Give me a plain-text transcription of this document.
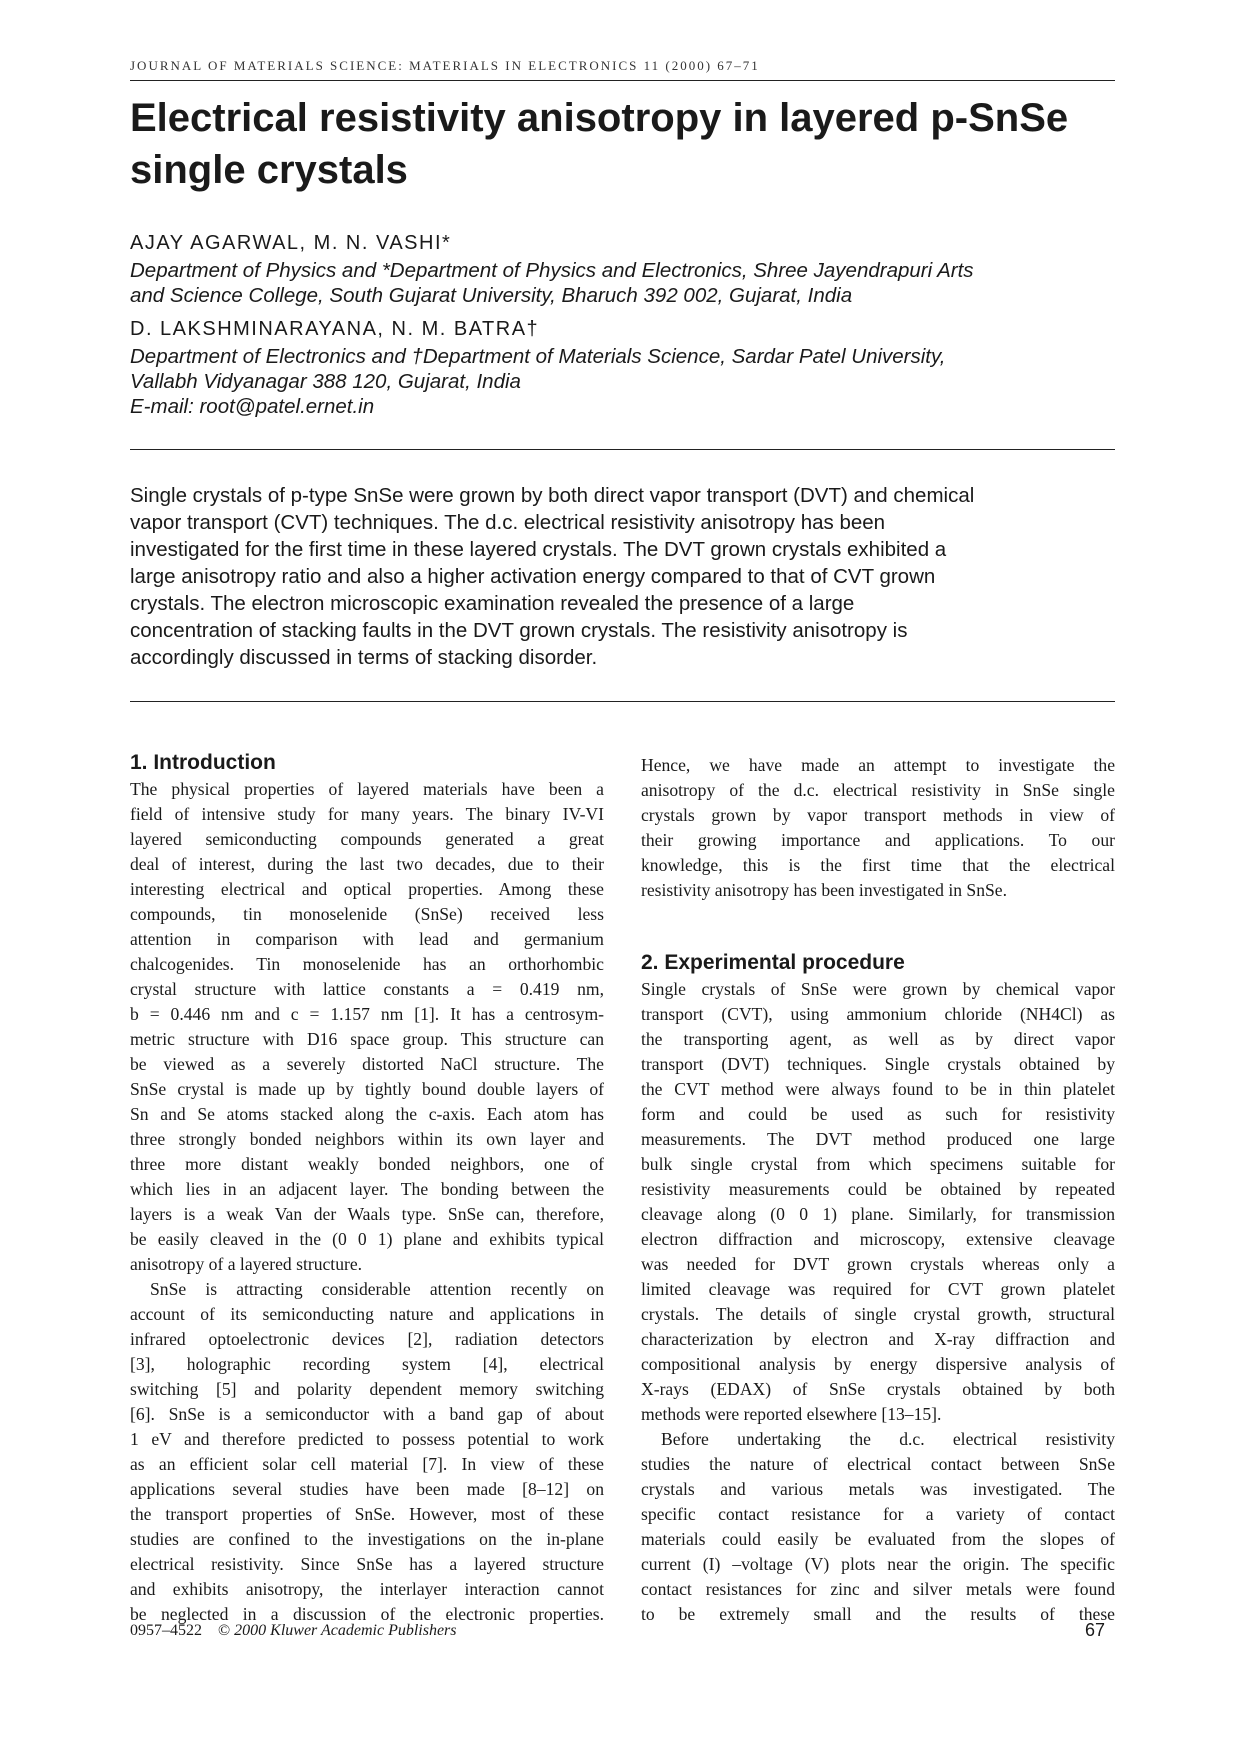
JOURNAL OF MATERIALS SCIENCE: MATERIALS IN ELECTRONICS 11 (2000) 67–71
Electrical resistivity anisotropy in layered p-SnSe
single crystals
AJAY AGARWAL, M. N. VASHI*
Department of Physics and *Department of Physics and Electronics, Shree Jayendrapuri Arts
and Science College, South Gujarat University, Bharuch 392 002, Gujarat, India
D. LAKSHMINARAYANA, N. M. BATRA†
Department of Electronics and †Department of Materials Science, Sardar Patel University,
Vallabh Vidyanagar 388 120, Gujarat, India
E-mail: root@patel.ernet.in
Single crystals of p-type SnSe were grown by both direct vapor transport (DVT) and chemical
vapor transport (CVT) techniques. The d.c. electrical resistivity anisotropy has been
investigated for the first time in these layered crystals. The DVT grown crystals exhibited a
large anisotropy ratio and also a higher activation energy compared to that of CVT grown
crystals. The electron microscopic examination revealed the presence of a large
concentration of stacking faults in the DVT grown crystals. The resistivity anisotropy is
accordingly discussed in terms of stacking disorder.
1. Introduction
The physical properties of layered materials have been a
field of intensive study for many years. The binary IV-VI
layered semiconducting compounds generated a great
deal of interest, during the last two decades, due to their
interesting electrical and optical properties. Among these
compounds, tin monoselenide (SnSe) received less
attention in comparison with lead and germanium
chalcogenides. Tin monoselenide has an orthorhombic
crystal structure with lattice constants a = 0.419 nm,
b = 0.446 nm and c = 1.157 nm [1]. It has a centrosym-
metric structure with D16 space group. This structure can
be viewed as a severely distorted NaCl structure. The
SnSe crystal is made up by tightly bound double layers of
Sn and Se atoms stacked along the c-axis. Each atom has
three strongly bonded neighbors within its own layer and
three more distant weakly bonded neighbors, one of
which lies in an adjacent layer. The bonding between the
layers is a weak Van der Waals type. SnSe can, therefore,
be easily cleaved in the (0 0 1) plane and exhibits typical
anisotropy of a layered structure.
SnSe is attracting considerable attention recently on
account of its semiconducting nature and applications in
infrared optoelectronic devices [2], radiation detectors
[3], holographic recording system [4], electrical
switching [5] and polarity dependent memory switching
[6]. SnSe is a semiconductor with a band gap of about
1 eV and therefore predicted to possess potential to work
as an efficient solar cell material [7]. In view of these
applications several studies have been made [8–12] on
the transport properties of SnSe. However, most of these
studies are confined to the investigations on the in-plane
electrical resistivity. Since SnSe has a layered structure
and exhibits anisotropy, the interlayer interaction cannot
be neglected in a discussion of the electronic properties.
Hence, we have made an attempt to investigate the
anisotropy of the d.c. electrical resistivity in SnSe single
crystals grown by vapor transport methods in view of
their growing importance and applications. To our
knowledge, this is the first time that the electrical
resistivity anisotropy has been investigated in SnSe.
2. Experimental procedure
Single crystals of SnSe were grown by chemical vapor
transport (CVT), using ammonium chloride (NH4Cl) as
the transporting agent, as well as by direct vapor
transport (DVT) techniques. Single crystals obtained by
the CVT method were always found to be in thin platelet
form and could be used as such for resistivity
measurements. The DVT method produced one large
bulk single crystal from which specimens suitable for
resistivity measurements could be obtained by repeated
cleavage along (0 0 1) plane. Similarly, for transmission
electron diffraction and microscopy, extensive cleavage
was needed for DVT grown crystals whereas only a
limited cleavage was required for CVT grown platelet
crystals. The details of single crystal growth, structural
characterization by electron and X-ray diffraction and
compositional analysis by energy dispersive analysis of
X-rays (EDAX) of SnSe crystals obtained by both
methods were reported elsewhere [13–15].
Before undertaking the d.c. electrical resistivity
studies the nature of electrical contact between SnSe
crystals and various metals was investigated. The
specific contact resistance for a variety of contact
materials could easily be evaluated from the slopes of
current (I) –voltage (V) plots near the origin. The specific
contact resistances for zinc and silver metals were found
to be extremely small and the results of these
0957–4522 © 2000 Kluwer Academic Publishers	67
